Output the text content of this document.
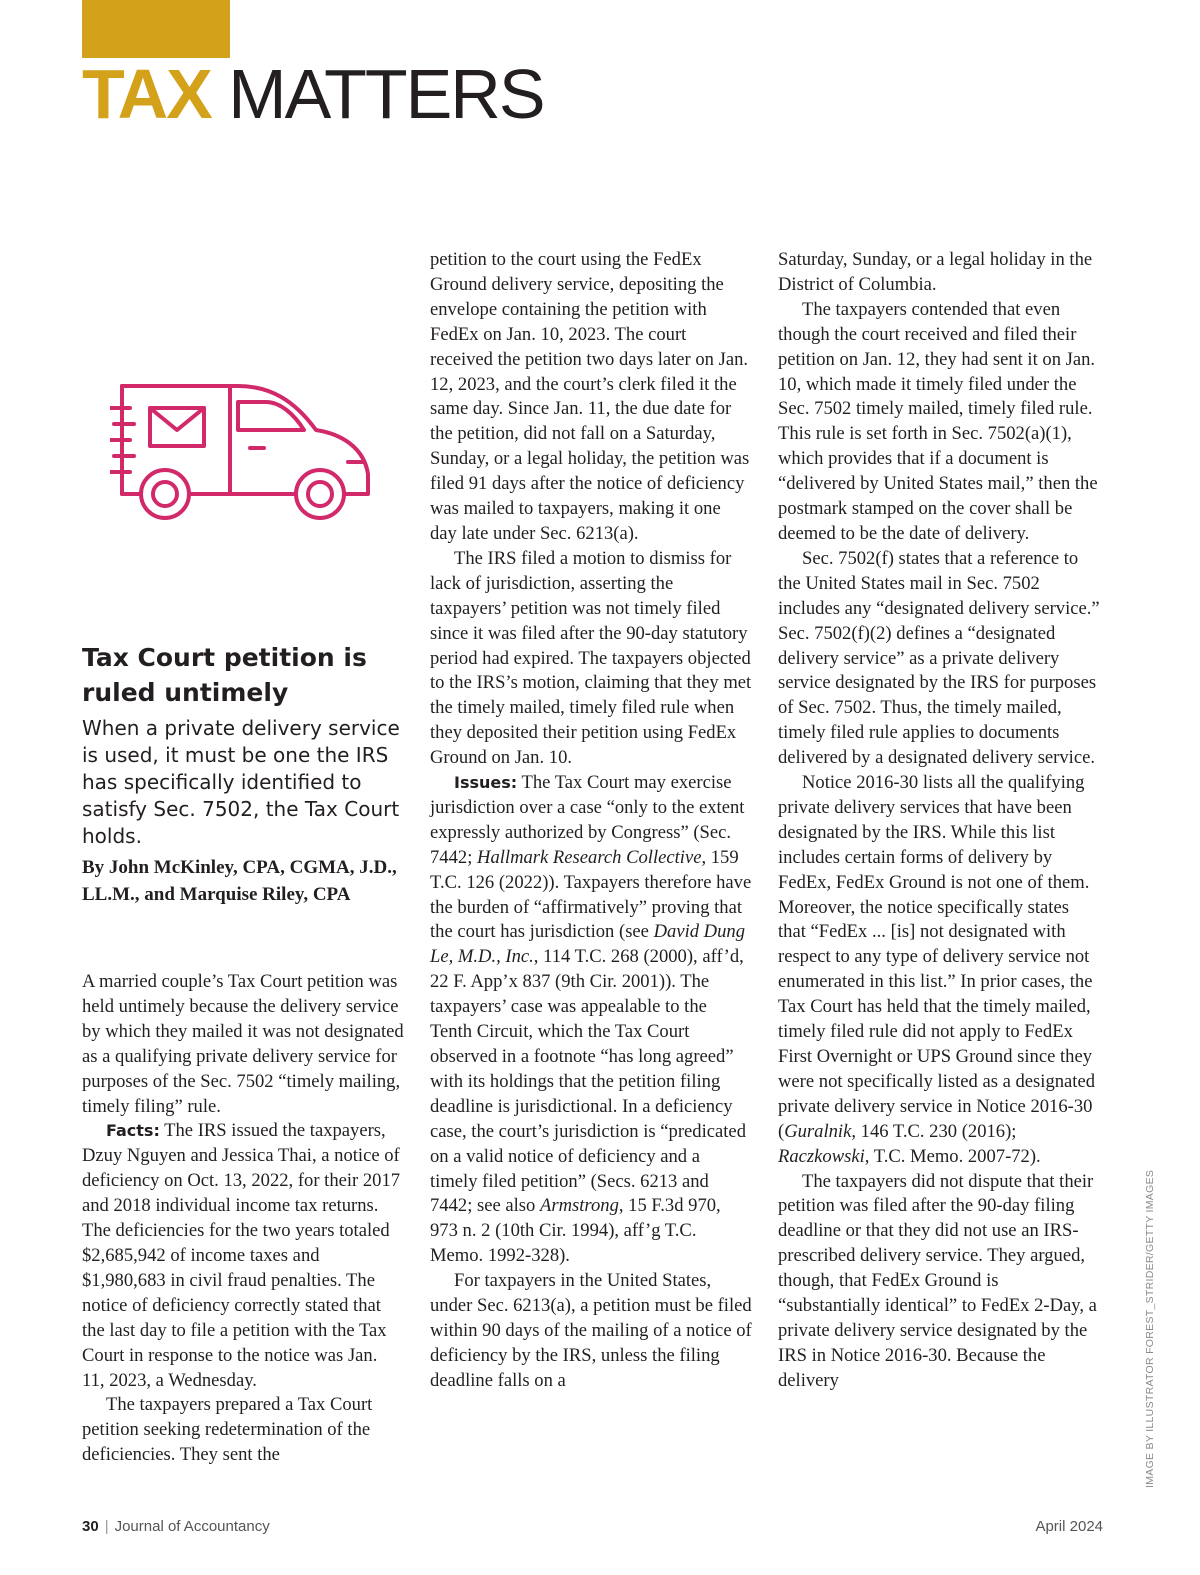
TAX MATTERS
Tax Court petition is ruled untimely
When a private delivery service is used, it must be one the IRS has specifically identified to satisfy Sec. 7502, the Tax Court holds.
By John McKinley, CPA, CGMA, J.D., LL.M., and Marquise Riley, CPA

A married couple’s Tax Court petition was held untimely because the delivery service by which they mailed it was not designated as a qualifying private delivery service for purposes of the Sec. 7502 “timely mailing, timely filing” rule.

Facts: The IRS issued the taxpayers, Dzuy Nguyen and Jessica Thai, a notice of deficiency on Oct. 13, 2022, for their 2017 and 2018 individual income tax returns. The deficiencies for the two years totaled $2,685,942 of income taxes and $1,980,683 in civil fraud penalties. The notice of deficiency correctly stated that the last day to file a petition with the Tax Court in response to the notice was Jan. 11, 2023, a Wednesday.

The taxpayers prepared a Tax Court petition seeking redetermination of the deficiencies. They sent the

petition to the court using the FedEx Ground delivery service, depositing the envelope containing the petition with FedEx on Jan. 10, 2023. The court received the petition two days later on Jan. 12, 2023, and the court’s clerk filed it the same day. Since Jan. 11, the due date for the petition, did not fall on a Saturday, Sunday, or a legal holiday, the petition was filed 91 days after the notice of deficiency was mailed to taxpayers, making it one day late under Sec. 6213(a).

The IRS filed a motion to dismiss for lack of jurisdiction, asserting the taxpayers’ petition was not timely filed since it was filed after the 90-day statutory period had expired. The taxpayers objected to the IRS’s motion, claiming that they met the timely mailed, timely filed rule when they deposited their petition using FedEx Ground on Jan. 10.

Issues: The Tax Court may exercise jurisdiction over a case “only to the extent expressly authorized by Congress” (Sec. 7442; Hallmark Research Collective, 159 T.C. 126 (2022)). Taxpayers therefore have the burden of “affirmatively” proving that the court has jurisdiction (see David Dung Le, M.D., Inc., 114 T.C. 268 (2000), aff’d, 22 F. App’x 837 (9th Cir. 2001)). The taxpayers’ case was appealable to the Tenth Circuit, which the Tax Court observed in a footnote “has long agreed” with its holdings that the petition filing deadline is jurisdictional. In a deficiency case, the court’s jurisdiction is “predicated on a valid notice of deficiency and a timely filed petition” (Secs. 6213 and 7442; see also Armstrong, 15 F.3d 970, 973 n. 2 (10th Cir. 1994), aff’g T.C. Memo. 1992-328).

For taxpayers in the United States, under Sec. 6213(a), a petition must be filed within 90 days of the mailing of a notice of deficiency by the IRS, unless the filing deadline falls on a

Saturday, Sunday, or a legal holiday in the District of Columbia.

The taxpayers contended that even though the court received and filed their petition on Jan. 12, they had sent it on Jan. 10, which made it timely filed under the Sec. 7502 timely mailed, timely filed rule. This rule is set forth in Sec. 7502(a)(1), which provides that if a document is “delivered by United States mail,” then the postmark stamped on the cover shall be deemed to be the date of delivery.

Sec. 7502(f) states that a reference to the United States mail in Sec. 7502 includes any “designated delivery service.” Sec. 7502(f)(2) defines a “designated delivery service” as a private delivery service designated by the IRS for purposes of Sec. 7502. Thus, the timely mailed, timely filed rule applies to documents delivered by a designated delivery service.

Notice 2016-30 lists all the qualifying private delivery services that have been designated by the IRS. While this list includes certain forms of delivery by FedEx, FedEx Ground is not one of them. Moreover, the notice specifically states that “FedEx ... [is] not designated with respect to any type of delivery service not enumerated in this list.” In prior cases, the Tax Court has held that the timely mailed, timely filed rule did not apply to FedEx First Overnight or UPS Ground since they were not specifically listed as a designated private delivery service in Notice 2016-30 (Guralnik, 146 T.C. 230 (2016); Raczkowski, T.C. Memo. 2007-72).

The taxpayers did not dispute that their petition was filed after the 90-day filing deadline or that they did not use an IRS-prescribed delivery service. They argued, though, that FedEx Ground is “substantially identical” to FedEx 2-Day, a private delivery service designated by the IRS in Notice 2016-30. Because the delivery	IMAGE BY ILLUSTRATOR FOREST_STRIDER/GETTY IMAGES
30 | Journal of Accountancy	April 2024
